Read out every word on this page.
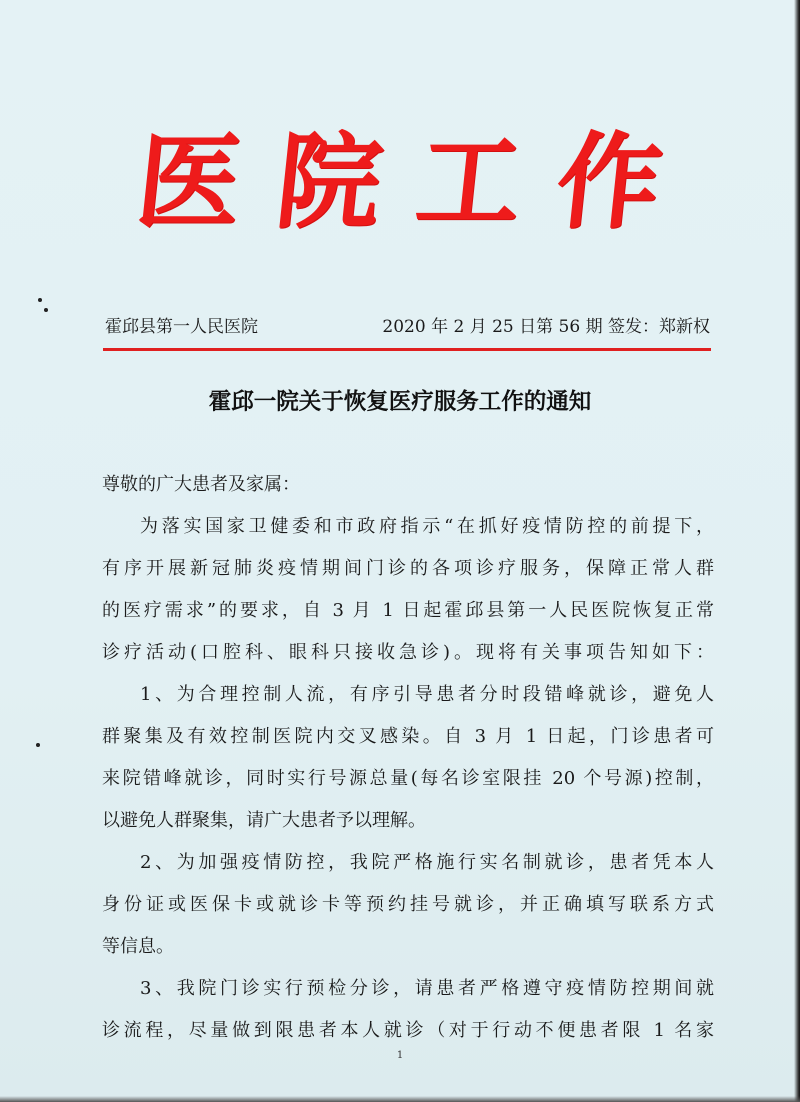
医 院 工 作
霍邱县第一人民医院	2020 年 2 月 25 日第 56 期 签发：郑新权
霍邱一院关于恢复医疗服务工作的通知
尊敬的广大患者及家属：
为落实国家卫健委和市政府指示“在抓好疫情防控的前提下，
有序开展新冠肺炎疫情期间门诊的各项诊疗服务，保障正常人群
的医疗需求”的要求，自 3 月 1 日起霍邱县第一人民医院恢复正常
诊疗活动(口腔科、眼科只接收急诊)。现将有关事项告知如下：
1、为合理控制人流，有序引导患者分时段错峰就诊，避免人
群聚集及有效控制医院内交叉感染。自 3 月 1 日起，门诊患者可
来院错峰就诊，同时实行号源总量(每名诊室限挂 20 个号源)控制，
以避免人群聚集，请广大患者予以理解。
2、为加强疫情防控，我院严格施行实名制就诊，患者凭本人
身份证或医保卡或就诊卡等预约挂号就诊，并正确填写联系方式
等信息。
3、我院门诊实行预检分诊，请患者严格遵守疫情防控期间就
诊流程，尽量做到限患者本人就诊（对于行动不便患者限 1 名家
1
